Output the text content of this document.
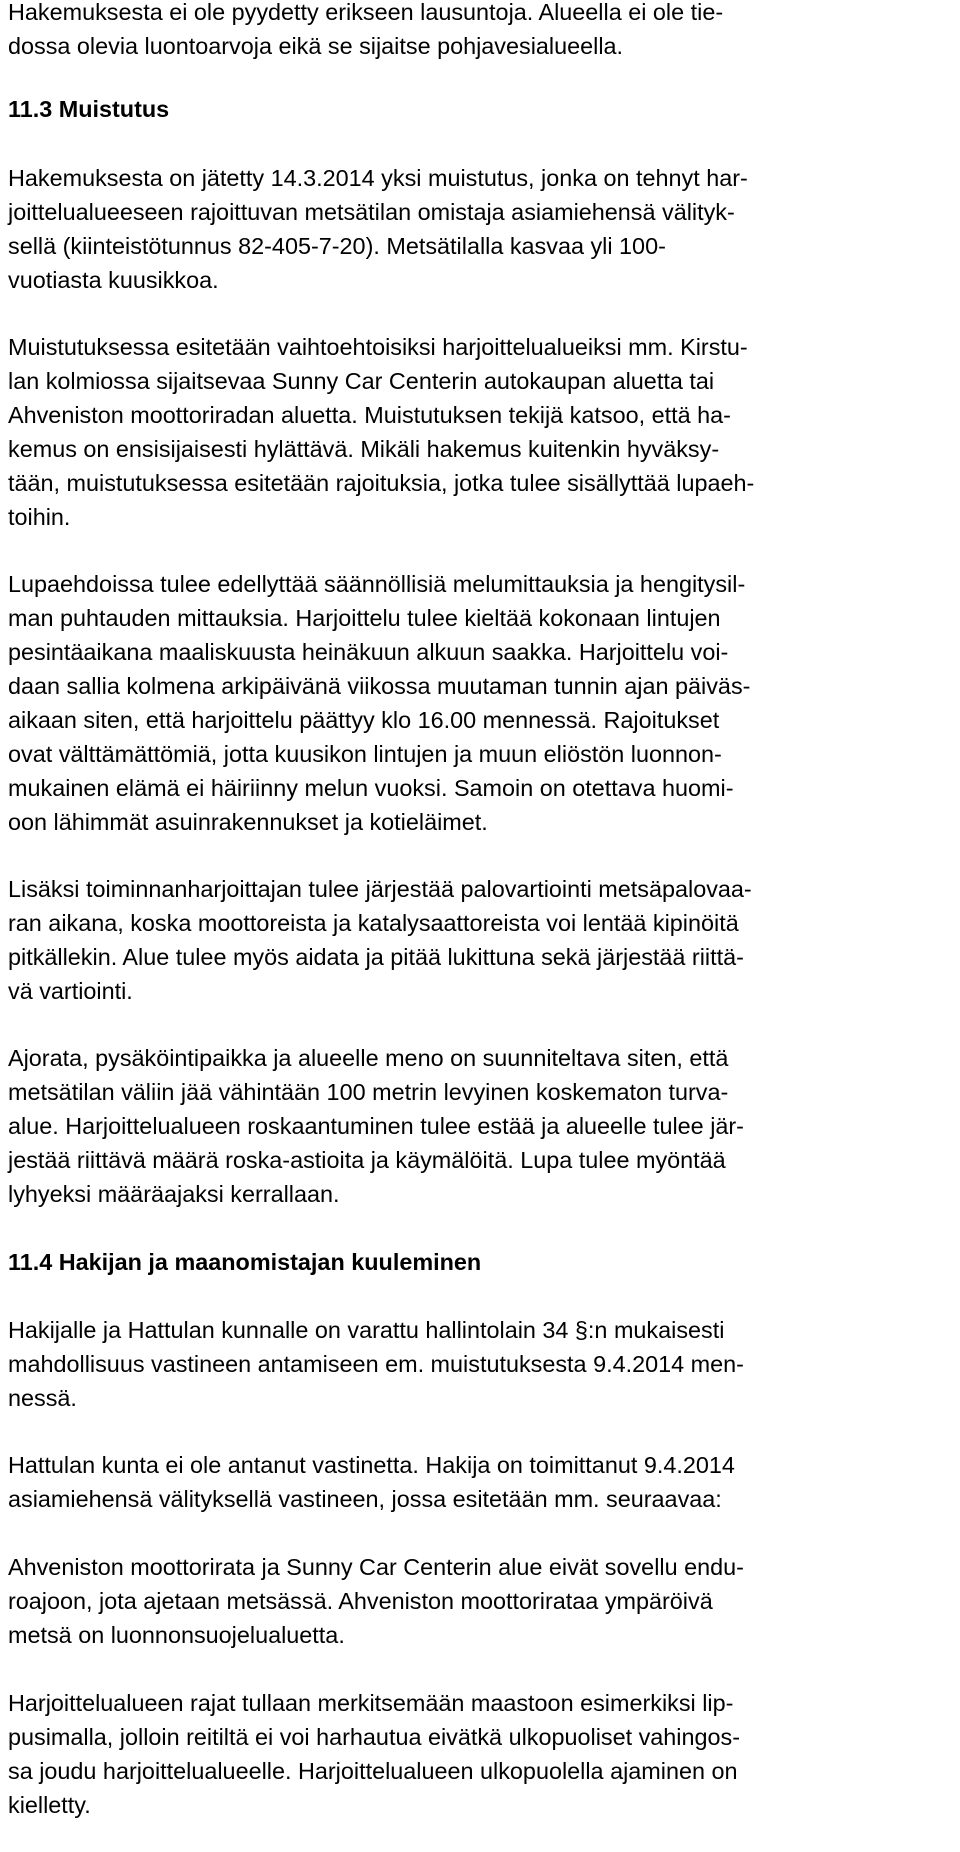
Hakemuksesta ei ole pyydetty erikseen lausuntoja. Alueella ei ole tie-

dossa olevia luontoarvoja eikä se sijaitse pohjavesialueella.

11.3 Muistutus

Hakemuksesta on jätetty 14.3.2014 yksi muistutus, jonka on tehnyt har-

joittelualueeseen rajoittuvan metsätilan omistaja asiamiehensä välityk-

sellä (kiinteistötunnus 82-405-7-20). Metsätilalla kasvaa yli 100-

vuotiasta kuusikkoa.

Muistutuksessa esitetään vaihtoehtoisiksi harjoittelualueiksi mm. Kirstu-

lan kolmiossa sijaitsevaa Sunny Car Centerin autokaupan aluetta tai

Ahveniston moottoriradan aluetta. Muistutuksen tekijä katsoo, että ha-

kemus on ensisijaisesti hylättävä. Mikäli hakemus kuitenkin hyväksy-

tään, muistutuksessa esitetään rajoituksia, jotka tulee sisällyttää lupaeh-

toihin.

Lupaehdoissa tulee edellyttää säännöllisiä melumittauksia ja hengitysil-

man puhtauden mittauksia. Harjoittelu tulee kieltää kokonaan lintujen

pesintäaikana maaliskuusta heinäkuun alkuun saakka. Harjoittelu voi-

daan sallia kolmena arkipäivänä viikossa muutaman tunnin ajan päiväs-

aikaan siten, että harjoittelu päättyy klo 16.00 mennessä. Rajoitukset

ovat välttämättömiä, jotta kuusikon lintujen ja muun eliöstön luonnon-

mukainen elämä ei häiriinny melun vuoksi. Samoin on otettava huomi-

oon lähimmät asuinrakennukset ja kotieläimet.

Lisäksi toiminnanharjoittajan tulee järjestää palovartiointi metsäpalovaa-

ran aikana, koska moottoreista ja katalysaattoreista voi lentää kipinöitä

pitkällekin. Alue tulee myös aidata ja pitää lukittuna sekä järjestää riittä-

vä vartiointi.

Ajorata, pysäköintipaikka ja alueelle meno on suunniteltava siten, että

metsätilan väliin jää vähintään 100 metrin levyinen koskematon turva-

alue. Harjoittelualueen roskaantuminen tulee estää ja alueelle tulee jär-

jestää riittävä määrä roska-astioita ja käymälöitä. Lupa tulee myöntää

lyhyeksi määräajaksi kerrallaan.

11.4 Hakijan ja maanomistajan kuuleminen

Hakijalle ja Hattulan kunnalle on varattu hallintolain 34 §:n mukaisesti

mahdollisuus vastineen antamiseen em. muistutuksesta 9.4.2014 men-

nessä.

Hattulan kunta ei ole antanut vastinetta. Hakija on toimittanut 9.4.2014

asiamiehensä välityksellä vastineen, jossa esitetään mm. seuraavaa:

Ahveniston moottorirata ja Sunny Car Centerin alue eivät sovellu endu-

roajoon, jota ajetaan metsässä. Ahveniston moottorirataa ympäröivä

metsä on luonnonsuojelualuetta.

Harjoittelualueen rajat tullaan merkitsemään maastoon esimerkiksi lip-

pusimalla, jolloin reitiltä ei voi harhautua eivätkä ulkopuoliset vahingos-

sa joudu harjoittelualueelle. Harjoittelualueen ulkopuolella ajaminen on

kielletty.
